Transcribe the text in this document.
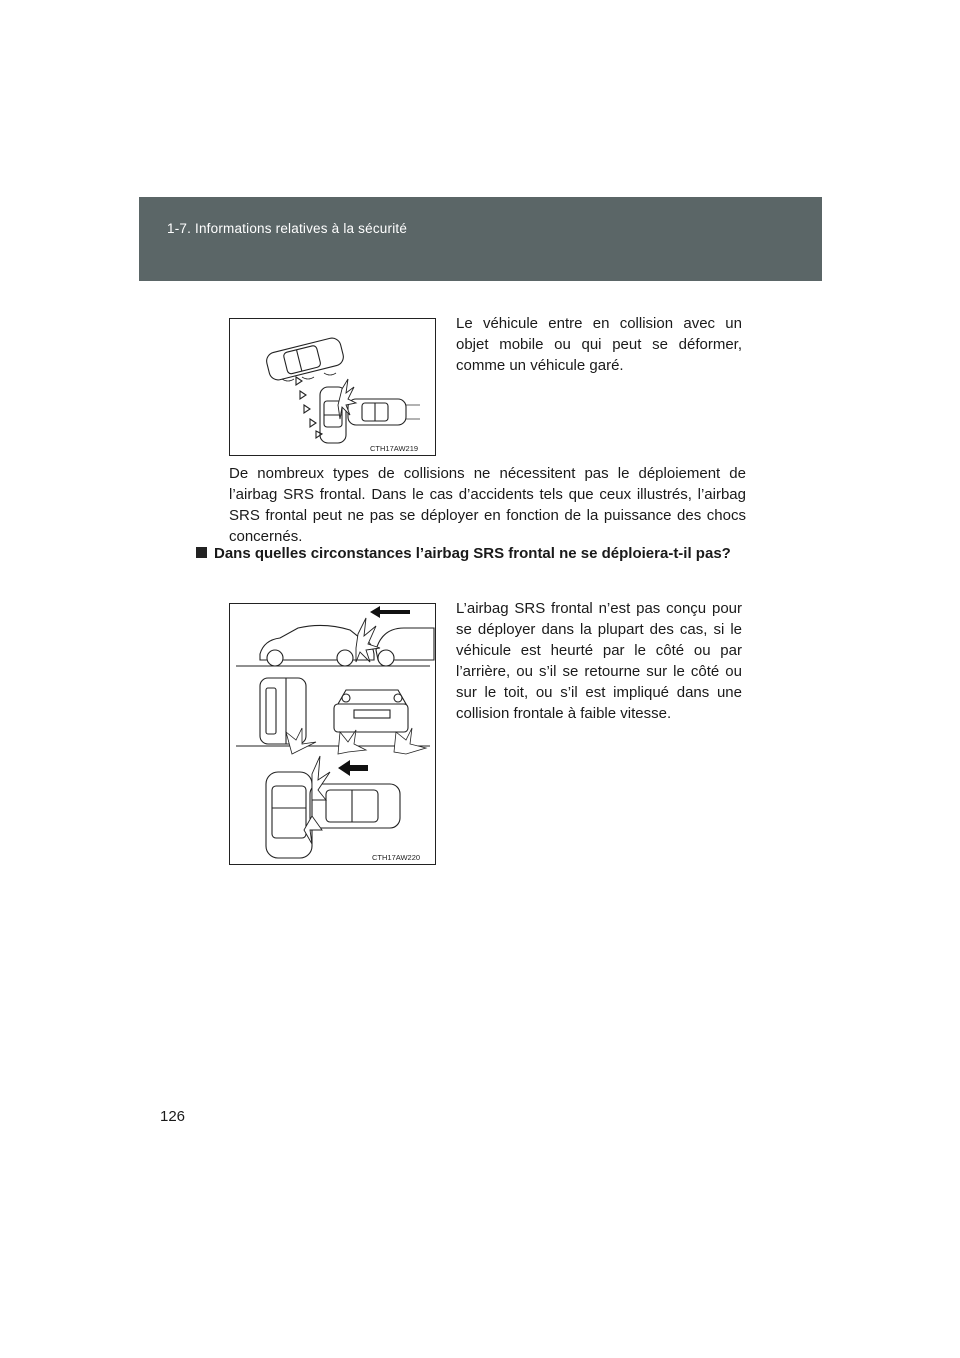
1-7. Informations relatives à la sécurité
CTH17AW219
Le véhicule entre en collision avec un objet mobile ou qui peut se déformer, comme un véhicule garé.
De nombreux types de collisions ne nécessitent pas le déploiement de l’airbag SRS frontal. Dans le cas d’accidents tels que ceux illustrés, l’airbag SRS frontal peut ne pas se déployer en fonction de la puissance des chocs concernés.
Dans quelles circonstances l’airbag SRS frontal ne se déploiera-t-il pas?
CTH17AW220
L’airbag SRS frontal n’est pas conçu pour se déployer dans la plupart des cas, si le véhicule est heurté par le côté ou par l’arrière, ou s’il se retourne sur le côté ou sur le toit, ou s’il est impliqué dans une collision frontale à faible vitesse.
126
